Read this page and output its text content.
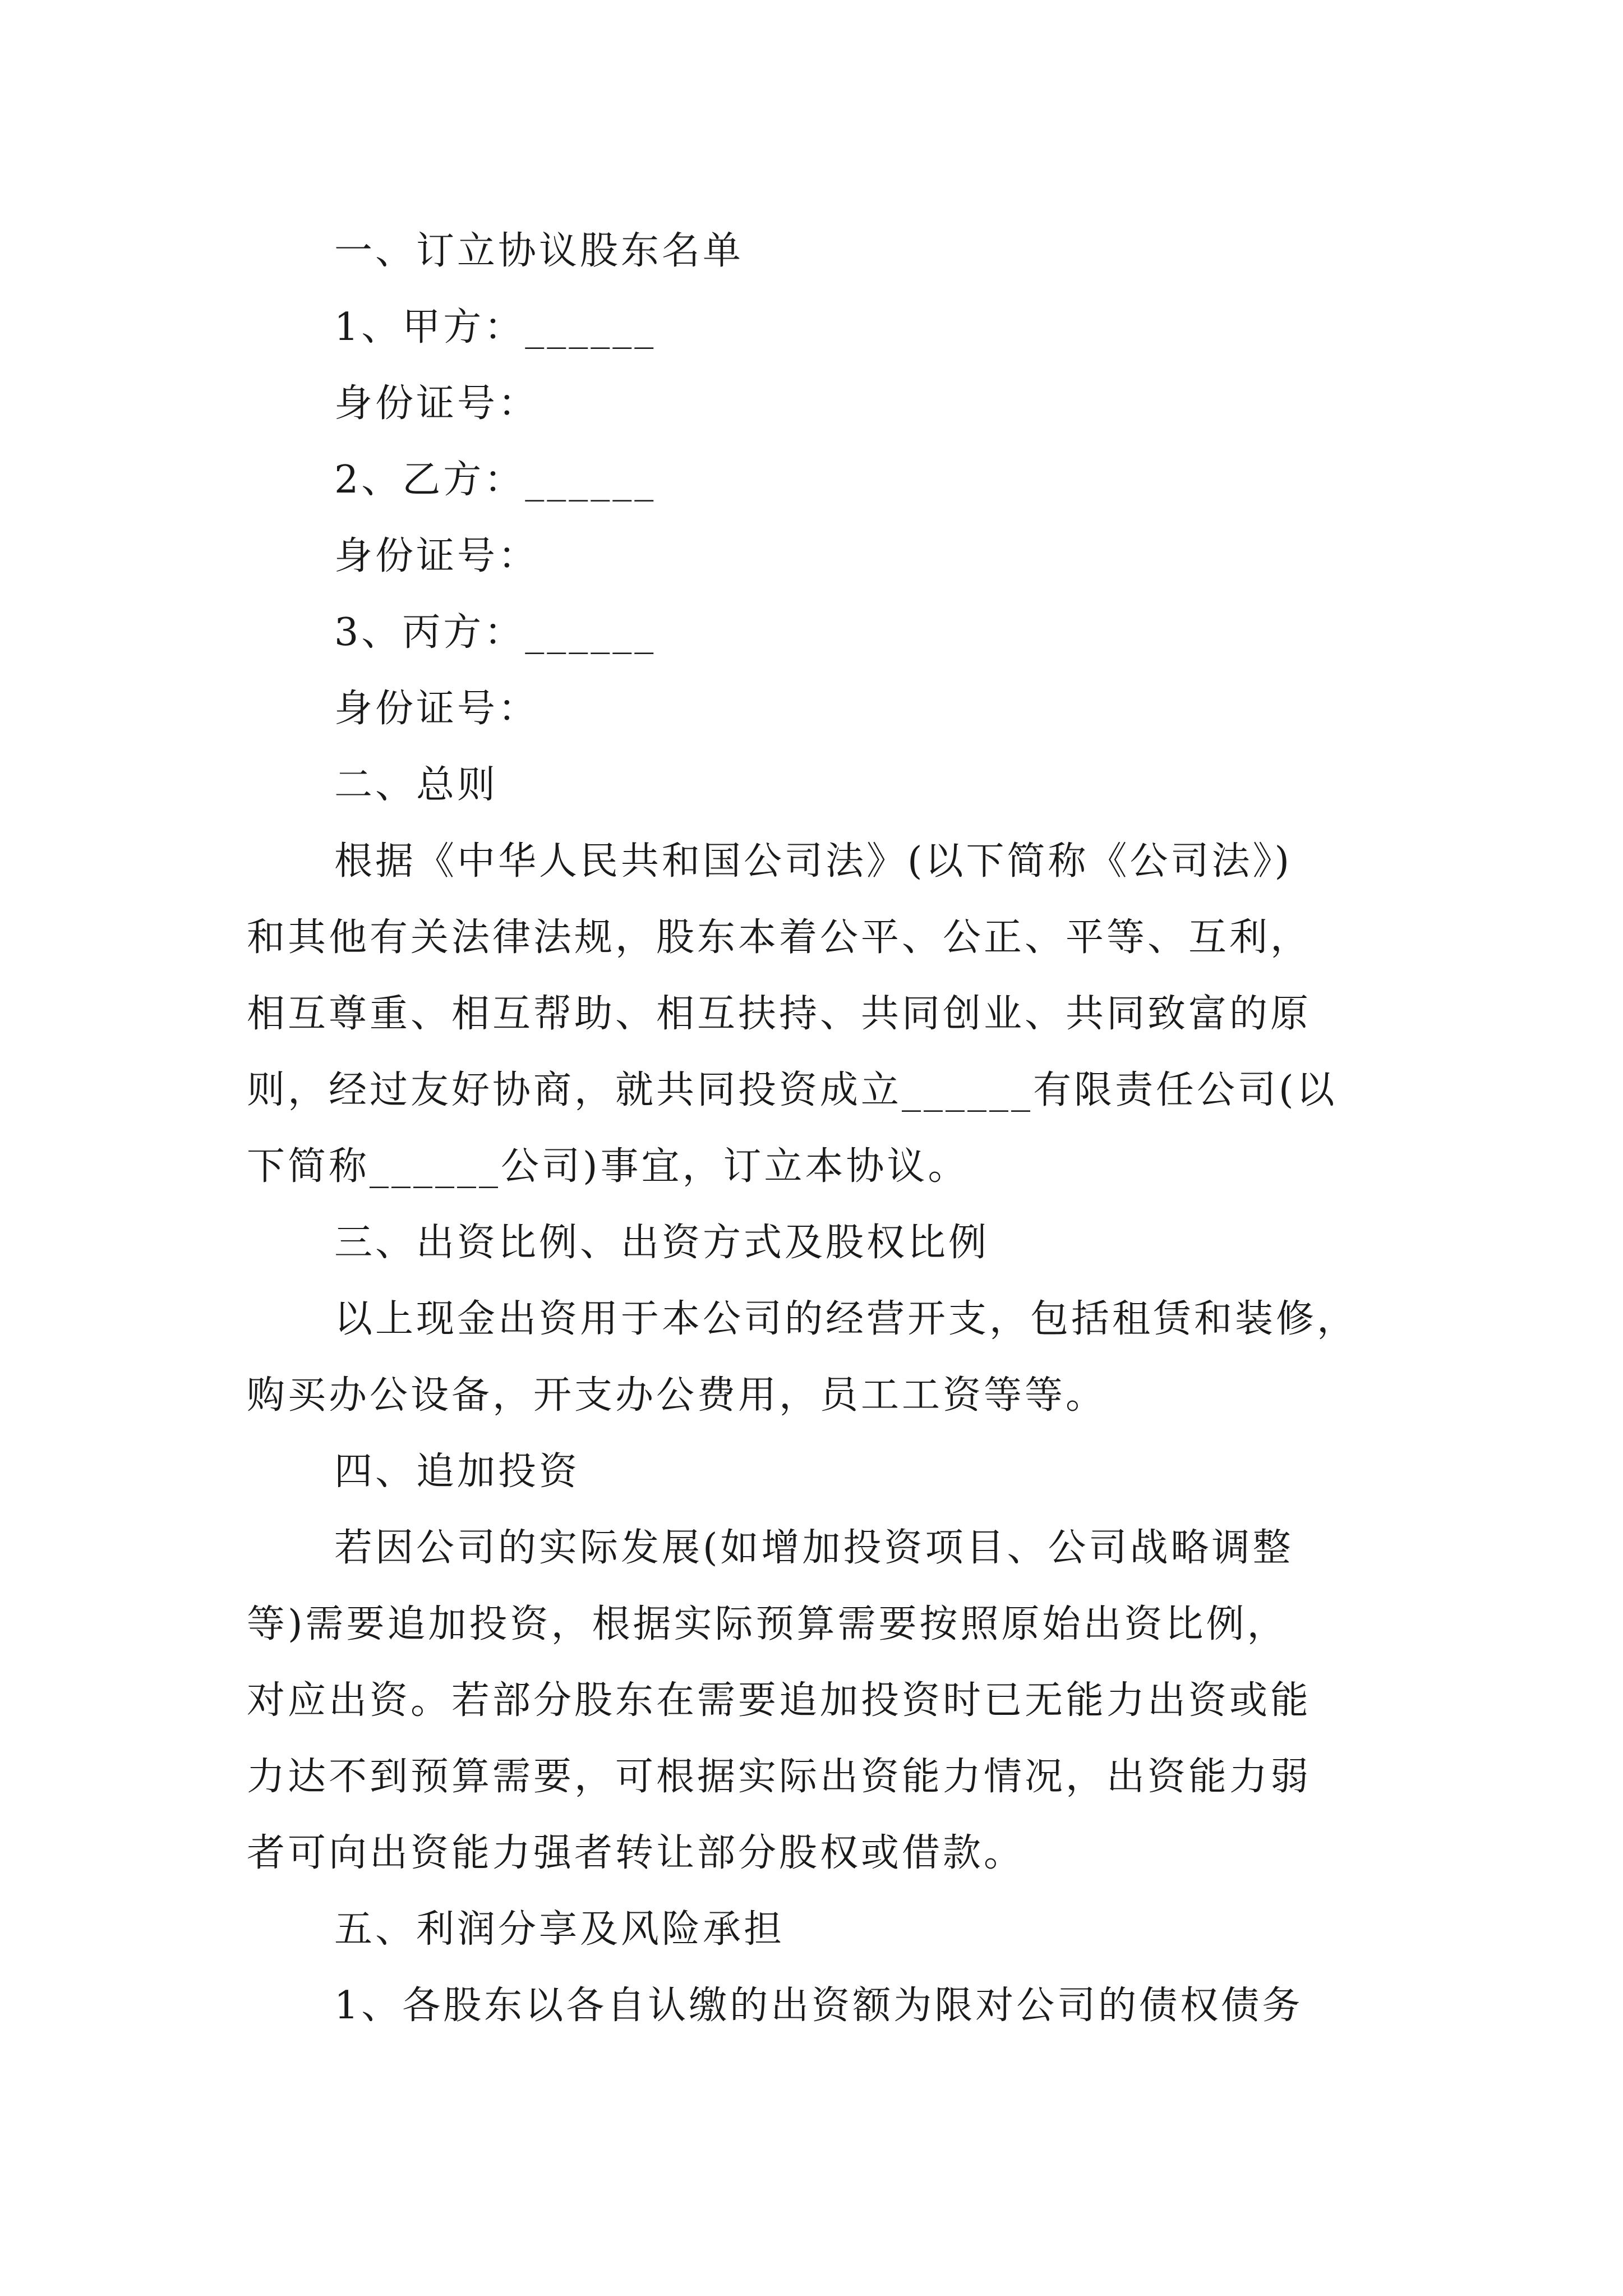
一、订立协议股东名单
1、甲方：______
身份证号：
2、乙方：______
身份证号：
3、丙方：______
身份证号：
二、总则
根据《中华人民共和国公司法》(以下简称《公司法》)
和其他有关法律法规，股东本着公平、公正、平等、互利，
相互尊重、相互帮助、相互扶持、共同创业、共同致富的原
则，经过友好协商，就共同投资成立______有限责任公司(以
下简称______公司)事宜，订立本协议。
三、出资比例、出资方式及股权比例
以上现金出资用于本公司的经营开支，包括租赁和装修，
购买办公设备，开支办公费用，员工工资等等。
四、追加投资
若因公司的实际发展(如增加投资项目、公司战略调整
等)需要追加投资，根据实际预算需要按照原始出资比例，
对应出资。若部分股东在需要追加投资时已无能力出资或能
力达不到预算需要，可根据实际出资能力情况，出资能力弱
者可向出资能力强者转让部分股权或借款。
五、利润分享及风险承担
1、各股东以各自认缴的出资额为限对公司的债权债务
